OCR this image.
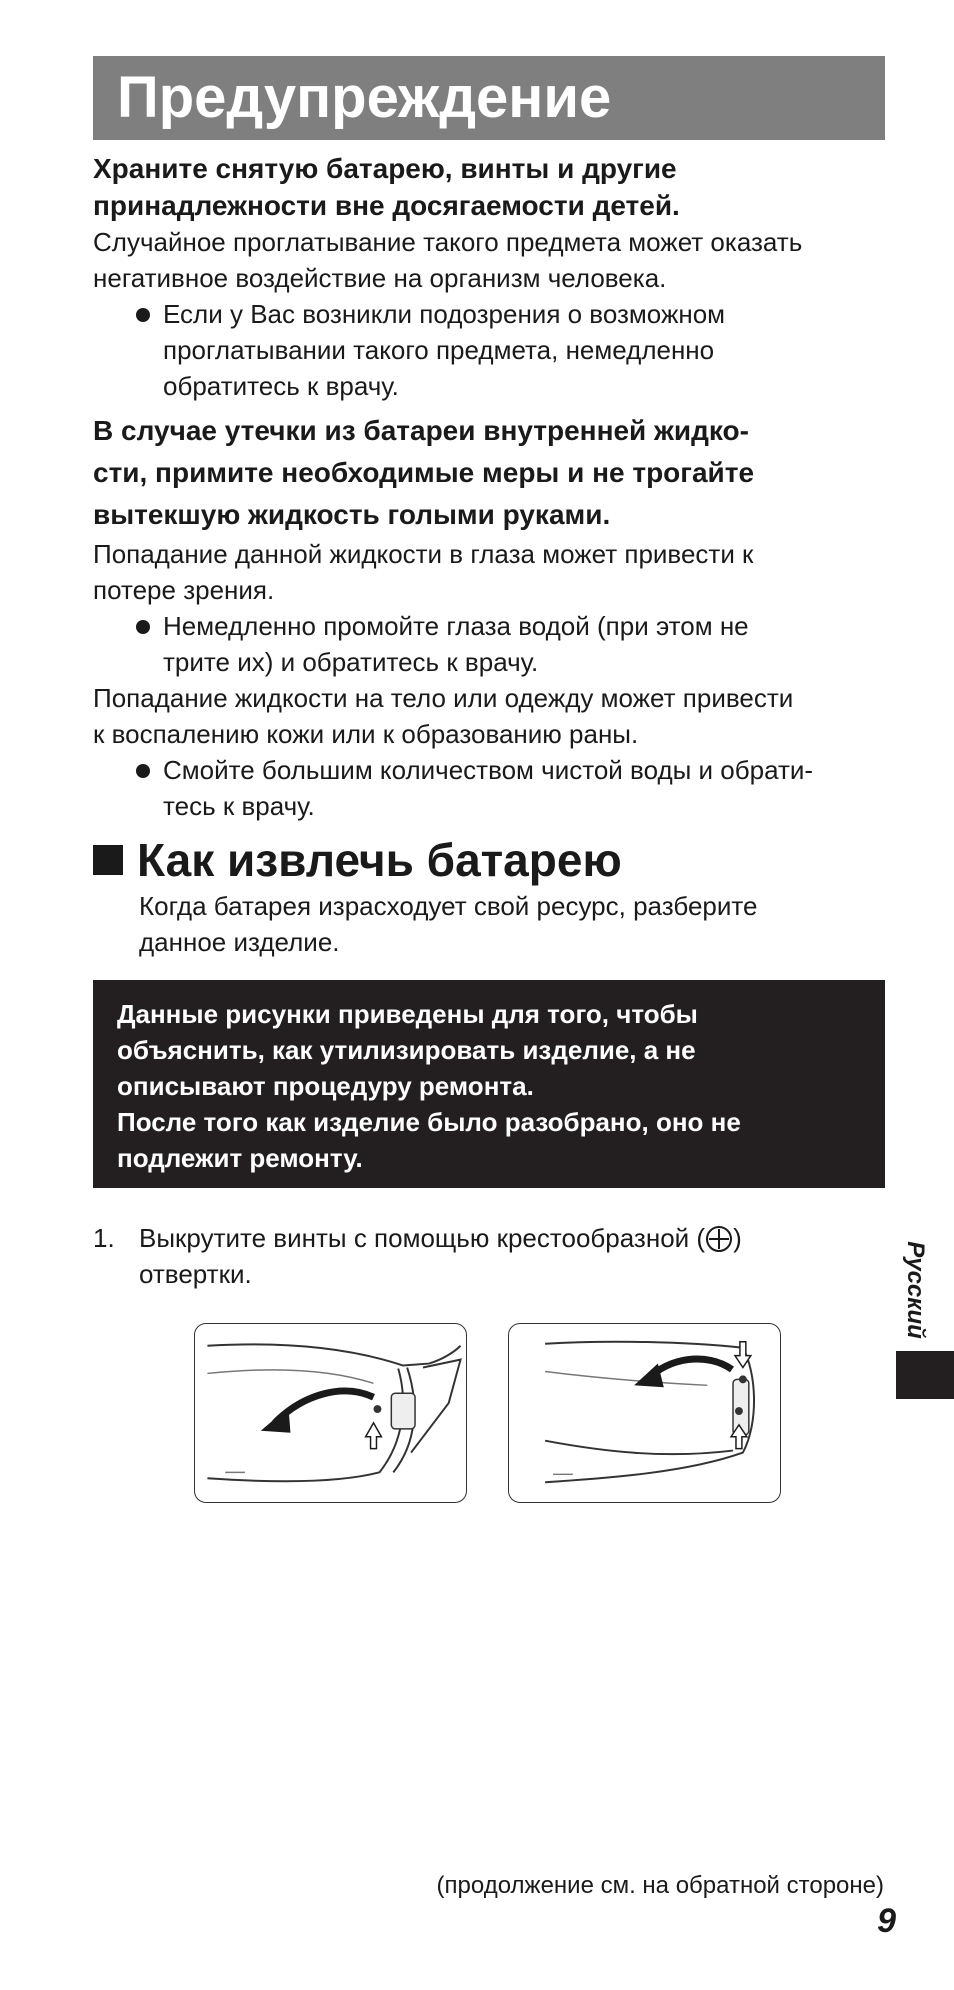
Предупреждение

Храните снятую батарею, винты и другие
принадлежности вне досягаемости детей.

Случайное проглатывание такого предмета может оказать
негативное воздействие на организм человека.

Если у Вас возникли подозрения о возможном
проглатывании такого предмета, немедленно
обратитесь к врачу.

В случае утечки из батареи внутренней жидко-
сти, примите необходимые меры и не трогайте
вытекшую жидкость голыми руками.

Попадание данной жидкости в глаза может привести к
потере зрения.

Немедленно промойте глаза водой (при этом не
трите их) и обратитесь к врачу.

Попадание жидкости на тело или одежду может привести
к воспалению кожи или к образованию раны.

Смойте большим количеством чистой воды и обрати-
тесь к врачу.

Как извлечь батарею
Когда батарея израсходует свой ресурс, разберите
данное изделие.
Данные рисунки приведены для того, чтобы
объяснить, как утилизировать изделие, а не
описывают процедуру ремонта.
После того как изделие было разобрано, оно не
подлежит ремонту.
1. Выкрутите винты с помощью крестообразной ( )
отвертки.	Русский
(продолжение см. на обратной стороне)
9
